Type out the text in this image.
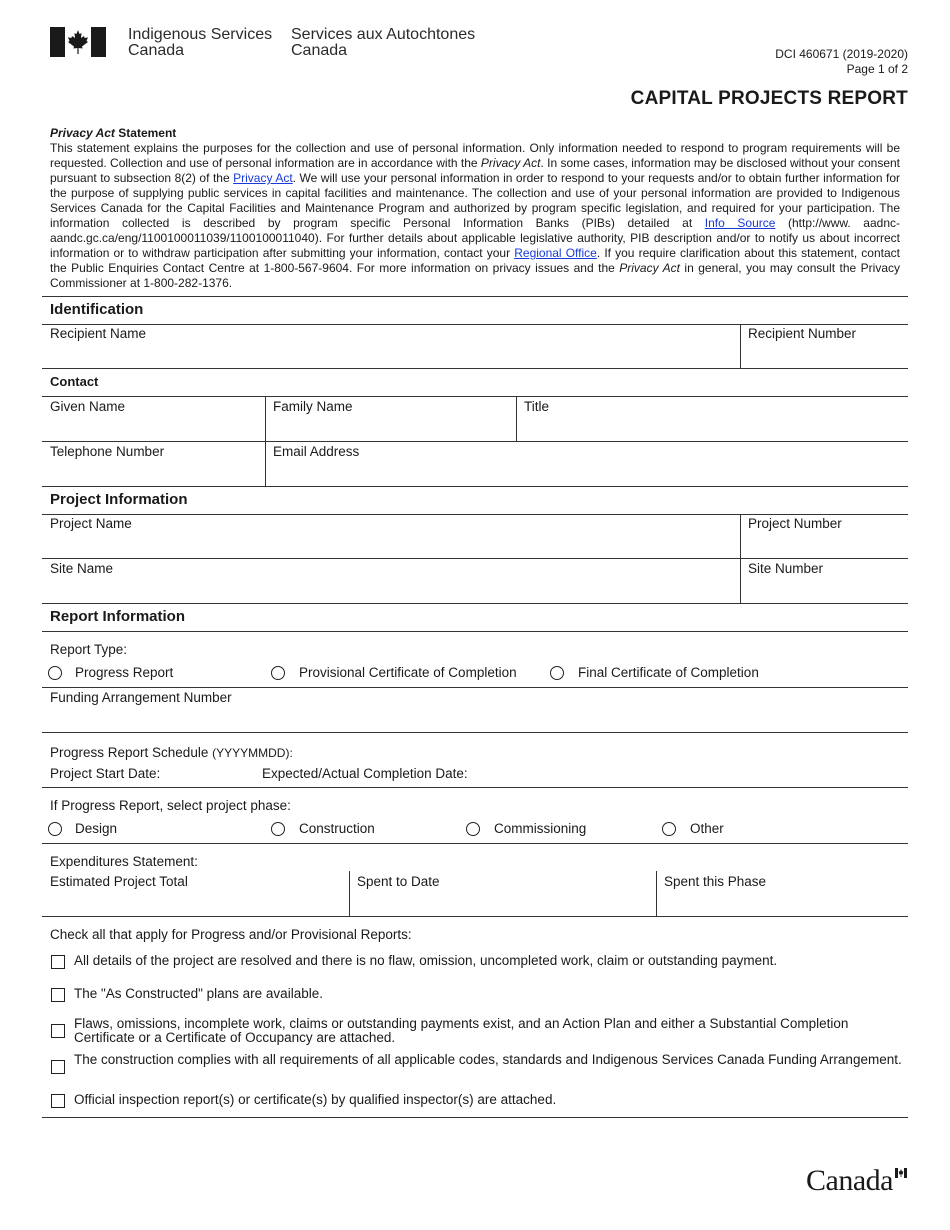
Indigenous Services
Canada
Services aux Autochtones
Canada	DCI 460671 (2019-2020)
Page 1 of 2
CAPITAL PROJECTS REPORT
Privacy Act Statement
This statement explains the purposes for the collection and use of personal information. Only information needed to respond to program requirements will be requested. Collection and use of personal information are in accordance with the Privacy Act. In some cases, information may be disclosed without your consent pursuant to subsection 8(2) of the Privacy Act. We will use your personal information in order to respond to your requests and/or to obtain further information for the purpose of supplying public services in capital facilities and maintenance. The collection and use of your personal information are provided to Indigenous Services Canada for the Capital Facilities and Maintenance Program and authorized by program specific legislation, and required for your participation. The information collected is described by program specific Personal Information Banks (PIBs) detailed at Info Source (http://www. aadnc-aandc.gc.ca/eng/1100100011039/1100100011040). For further details about applicable legislative authority, PIB description and/or to notify us about incorrect information or to withdraw participation after submitting your information, contact your Regional Office. If you require clarification about this statement, contact the Public Enquiries Contact Centre at 1-800-567-9604. For more information on privacy issues and the Privacy Act in general, you may consult the Privacy Commissioner at 1-800-282-1376.
Identification
Recipient Name	Recipient Number
Contact
Given Name	Family Name	Title
Telephone Number	Email Address
Project Information
Project Name	Project Number
Site Name	Site Number
Report Information
Report Type:
Progress Report	Provisional Certificate of Completion	Final Certificate of Completion
Funding Arrangement Number
Progress Report Schedule (YYYYMMDD):
Project Start Date:	Expected/Actual Completion Date:
If Progress Report, select project phase:
Design	Construction	Commissioning	Other
Expenditures Statement:
Estimated Project Total	Spent to Date	Spent this Phase
Check all that apply for Progress and/or Provisional Reports:
All details of the project are resolved and there is no flaw, omission, uncompleted work, claim or outstanding payment.
The "As Constructed" plans are available.
Flaws, omissions, incomplete work, claims or outstanding payments exist, and an Action Plan and either a Substantial Completion Certificate or a Certificate of Occupancy are attached.
The construction complies with all requirements of all applicable codes, standards and Indigenous Services Canada Funding Arrangement.
Official inspection report(s) or certificate(s) by qualified inspector(s) are attached.
Canada
